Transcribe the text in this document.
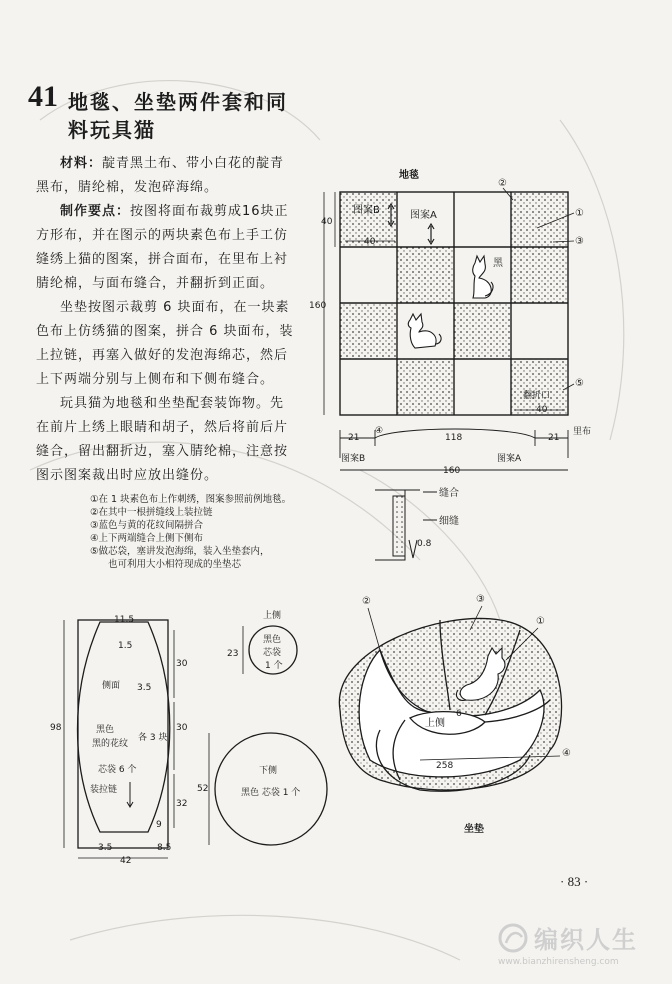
41 地毯、坐垫两件套和同
料玩具猫
材料：靛青黑土布、带小白花的靛青
黑布，腈纶棉，发泡碎海绵。
制作要点：按图将面布裁剪成16块正
方形布，并在图示的两块素色布上手工仿
缝绣上猫的图案，拼合面布，在里布上衬
腈纶棉，与面布缝合，并翻折到正面。
坐垫按图示裁剪 6 块面布，在一块素
色布上仿绣猫的图案，拼合 6 块面布，装
上拉链，再塞入做好的发泡海绵芯，然后
上下两端分别与上侧布和下侧布缝合。
玩具猫为地毯和坐垫配套装饰物。先
在前片上绣上眼睛和胡子，然后将前后片
缝合，留出翻折边，塞入腈纶棉，注意按
图示图案裁出时应放出缝份。
图案B	图案A
40
黑
②
①
③
⑤
地毯
翻折口
40
160
40
21
④
118	21
里布
图案B	图案A
160
①在 1 块素色布上作刺绣，图案参照前例地毯。
②在其中一根拼缝线上装拉链
③蓝色与黄的花纹间隔拼合
④上下两端缝合上侧下侧布
⑤做芯袋，塞讲发泡海绵，装入坐垫套内，
也可利用大小相符现成的坐垫芯
缝合
细缝
0.8
11.5
1.5
3.5
9
3.5	8.5
42
98
30
30
32
侧面
黑色
黑的花纹
各 3 块
芯袋 6 个
装拉链
上侧
黑色
芯袋
1 个
23
下侧
黑色 芯袋 1 个
52
上侧
6
258
②	③
①
④
坐垫
· 83 ·
编织人生
www.bianzhirensheng.com
